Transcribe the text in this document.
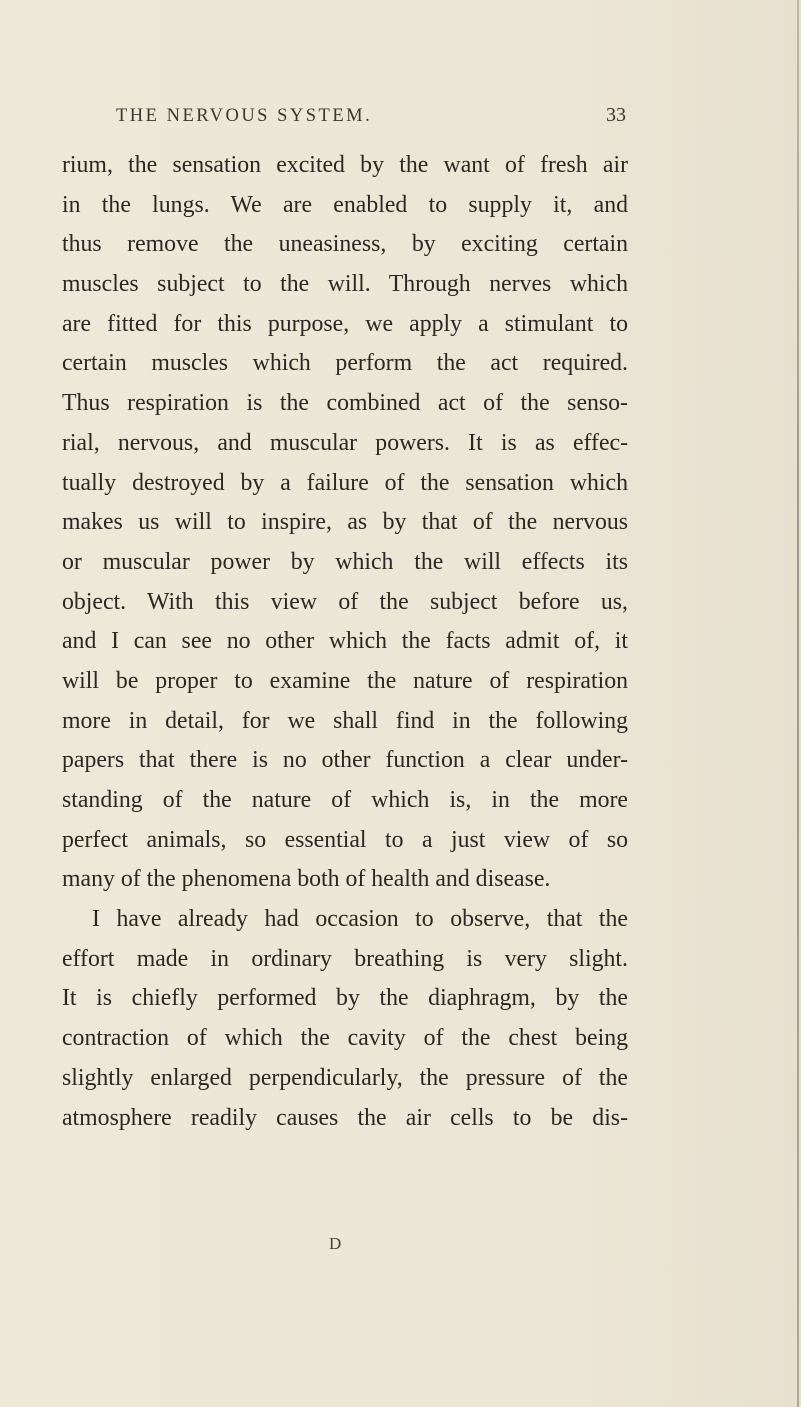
THE NERVOUS SYSTEM.	33
rium, the sensation excited by the want of fresh air
in the lungs. We are enabled to supply it, and
thus remove the uneasiness, by exciting certain
muscles subject to the will. Through nerves which
are fitted for this purpose, we apply a stimulant to
certain muscles which perform the act required.
Thus respiration is the combined act of the senso-
rial, nervous, and muscular powers. It is as effec-
tually destroyed by a failure of the sensation which
makes us will to inspire, as by that of the nervous
or muscular power by which the will effects its
object. With this view of the subject before us,
and I can see no other which the facts admit of, it
will be proper to examine the nature of respiration
more in detail, for we shall find in the following
papers that there is no other function a clear under-
standing of the nature of which is, in the more
perfect animals, so essential to a just view of so
many of the phenomena both of health and disease.
I have already had occasion to observe, that the
effort made in ordinary breathing is very slight.
It is chiefly performed by the diaphragm, by the
contraction of which the cavity of the chest being
slightly enlarged perpendicularly, the pressure of the
atmosphere readily causes the air cells to be dis-
D
